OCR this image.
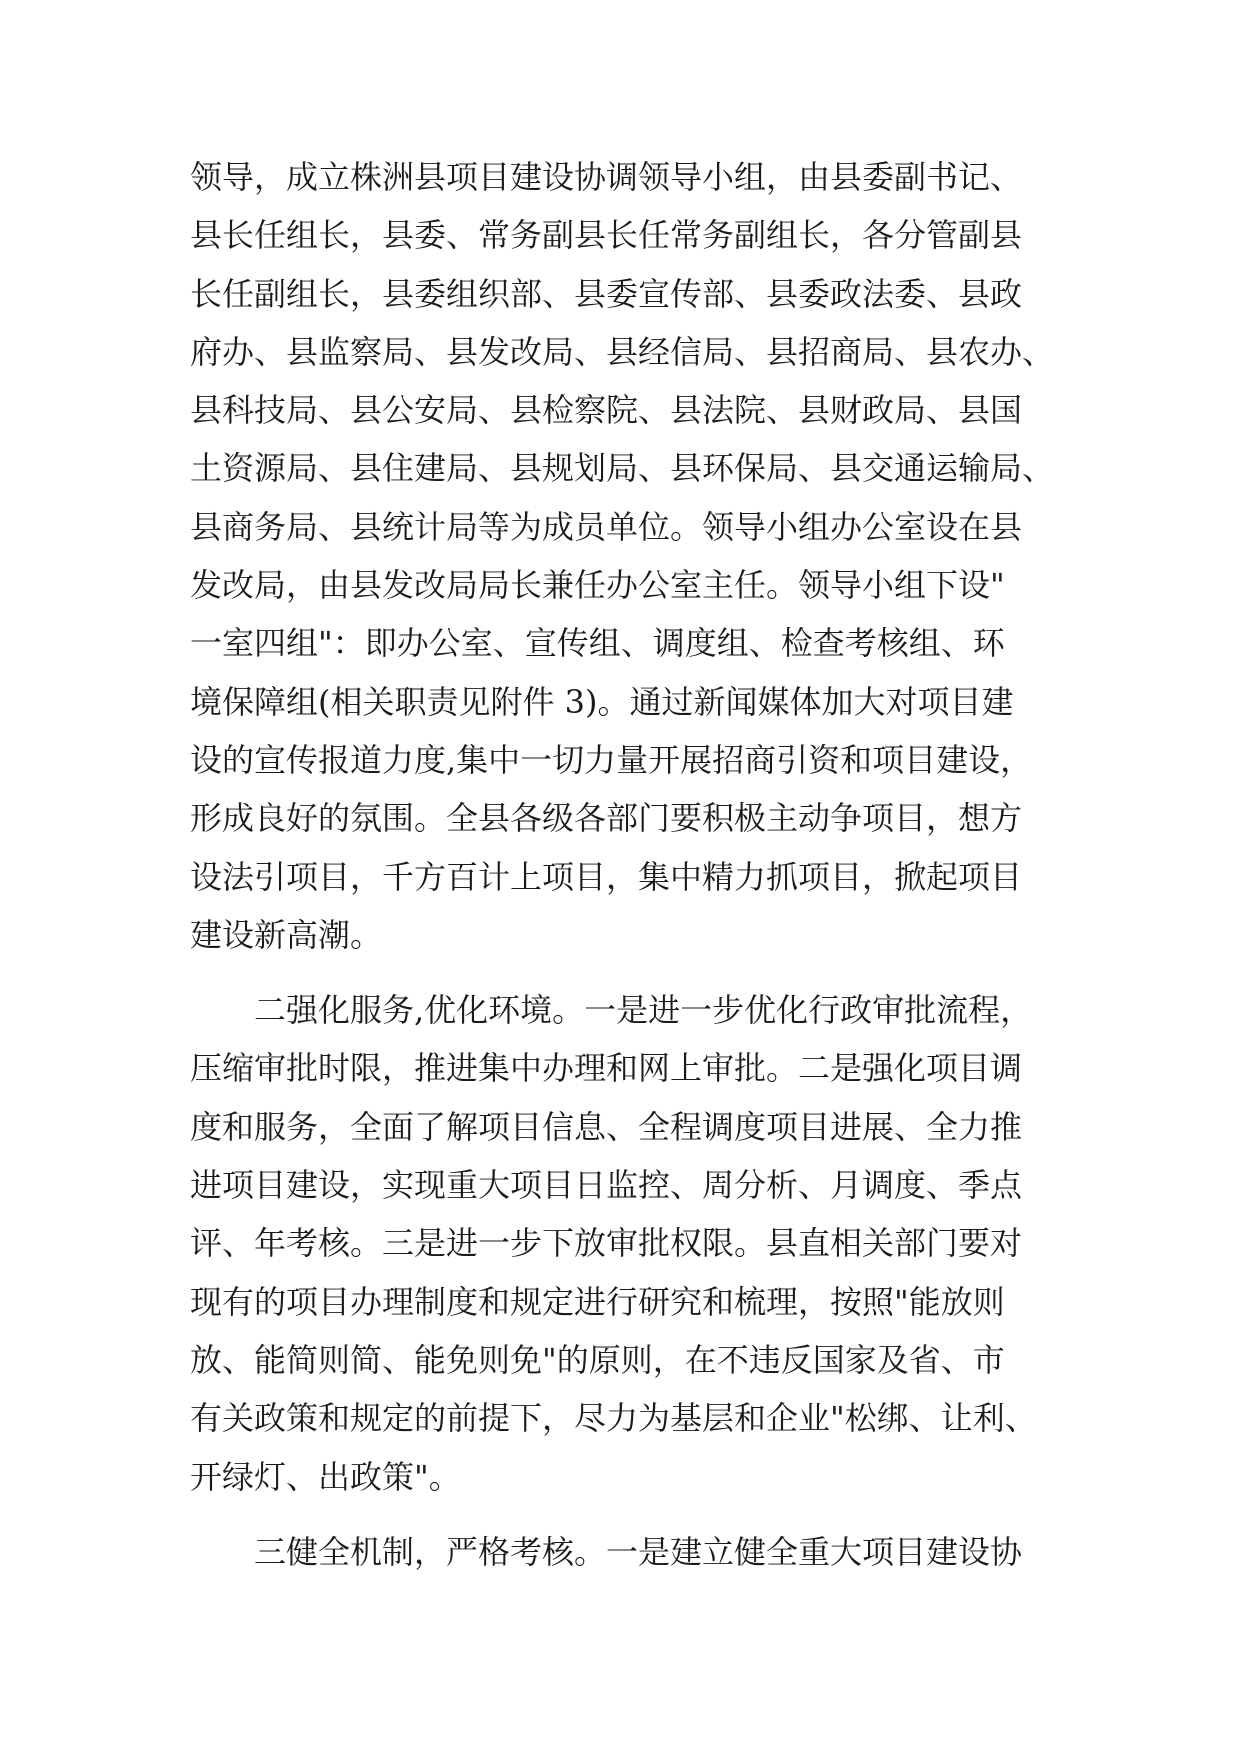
领导，成立株洲县项目建设协调领导小组，由县委副书记、
县长任组长，县委、常务副县长任常务副组长，各分管副县
长任副组长，县委组织部、县委宣传部、县委政法委、县政
府办、县监察局、县发改局、县经信局、县招商局、县农办、
县科技局、县公安局、县检察院、县法院、县财政局、县国
土资源局、县住建局、县规划局、县环保局、县交通运输局、
县商务局、县统计局等为成员单位。领导小组办公室设在县
发改局，由县发改局局长兼任办公室主任。领导小组下设"
一室四组"：即办公室、宣传组、调度组、检查考核组、环
境保障组(相关职责见附件 3)。通过新闻媒体加大对项目建
设的宣传报道力度,集中一切力量开展招商引资和项目建设，
形成良好的氛围。全县各级各部门要积极主动争项目，想方
设法引项目，千方百计上项目，集中精力抓项目，掀起项目
建设新高潮。
二强化服务,优化环境。一是进一步优化行政审批流程，
压缩审批时限，推进集中办理和网上审批。二是强化项目调
度和服务，全面了解项目信息、全程调度项目进展、全力推
进项目建设，实现重大项目日监控、周分析、月调度、季点
评、年考核。三是进一步下放审批权限。县直相关部门要对
现有的项目办理制度和规定进行研究和梳理，按照"能放则
放、能简则简、能免则免"的原则，在不违反国家及省、市
有关政策和规定的前提下，尽力为基层和企业"松绑、让利、
开绿灯、出政策"。
三健全机制，严格考核。一是建立健全重大项目建设协
